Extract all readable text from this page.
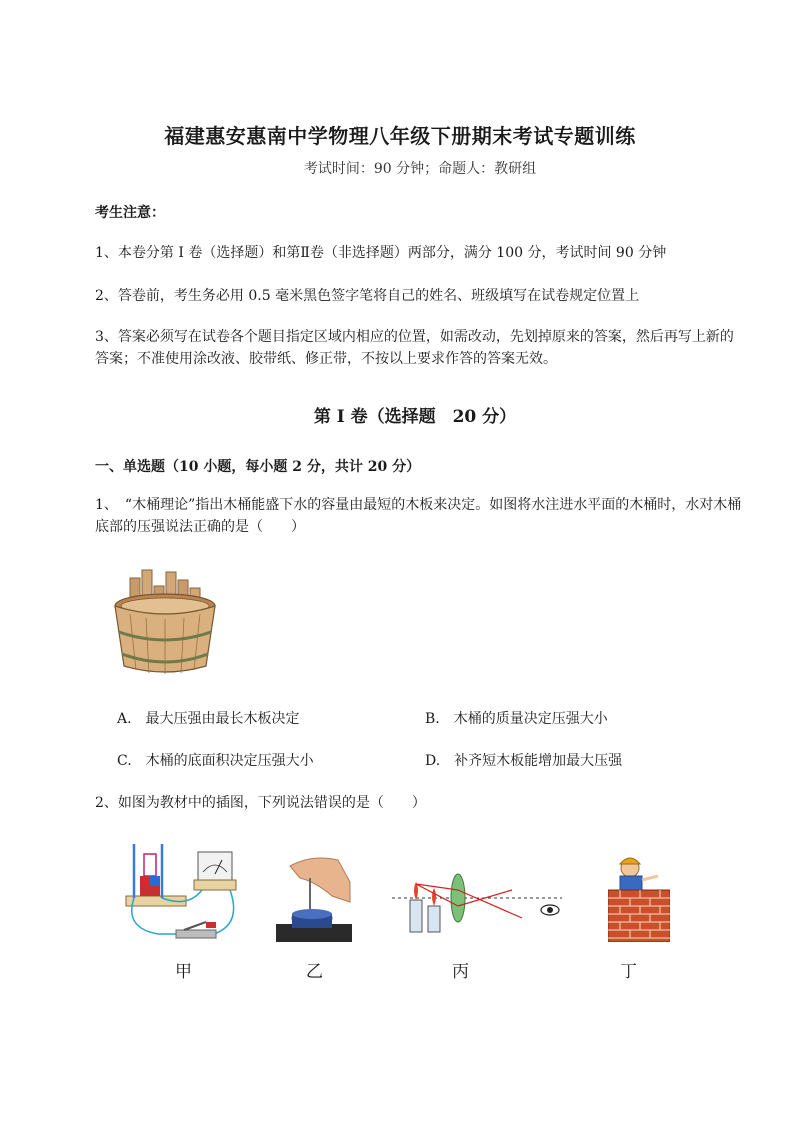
福建惠安惠南中学物理八年级下册期末考试专题训练
考试时间：90 分钟；命题人：教研组
考生注意：
1、本卷分第 I 卷（选择题）和第Ⅱ卷（非选择题）两部分，满分 100 分，考试时间 90 分钟
2、答卷前，考生务必用 0.5 毫米黑色签字笔将自己的姓名、班级填写在试卷规定位置上
3、答案必须写在试卷各个题目指定区域内相应的位置，如需改动，先划掉原来的答案，然后再写上新的答案；不准使用涂改液、胶带纸、修正带，不按以上要求作答的答案无效。
第 I 卷（选择题　20 分）
一、单选题（10 小题，每小题 2 分，共计 20 分）
1、　“木桶理论”指出木桶能盛下水的容量由最短的木板来决定。如图将水注进水平面的木桶时，水对木桶底部的压强说法正确的是（　　）
A.　最大压强由最长木板决定	B.　木桶的质量决定压强大小
C.　木桶的底面积决定压强大小	D.　补齐短木板能增加最大压强
2、如图为教材中的插图，下列说法错误的是（　　）
甲	乙	丙	丁
